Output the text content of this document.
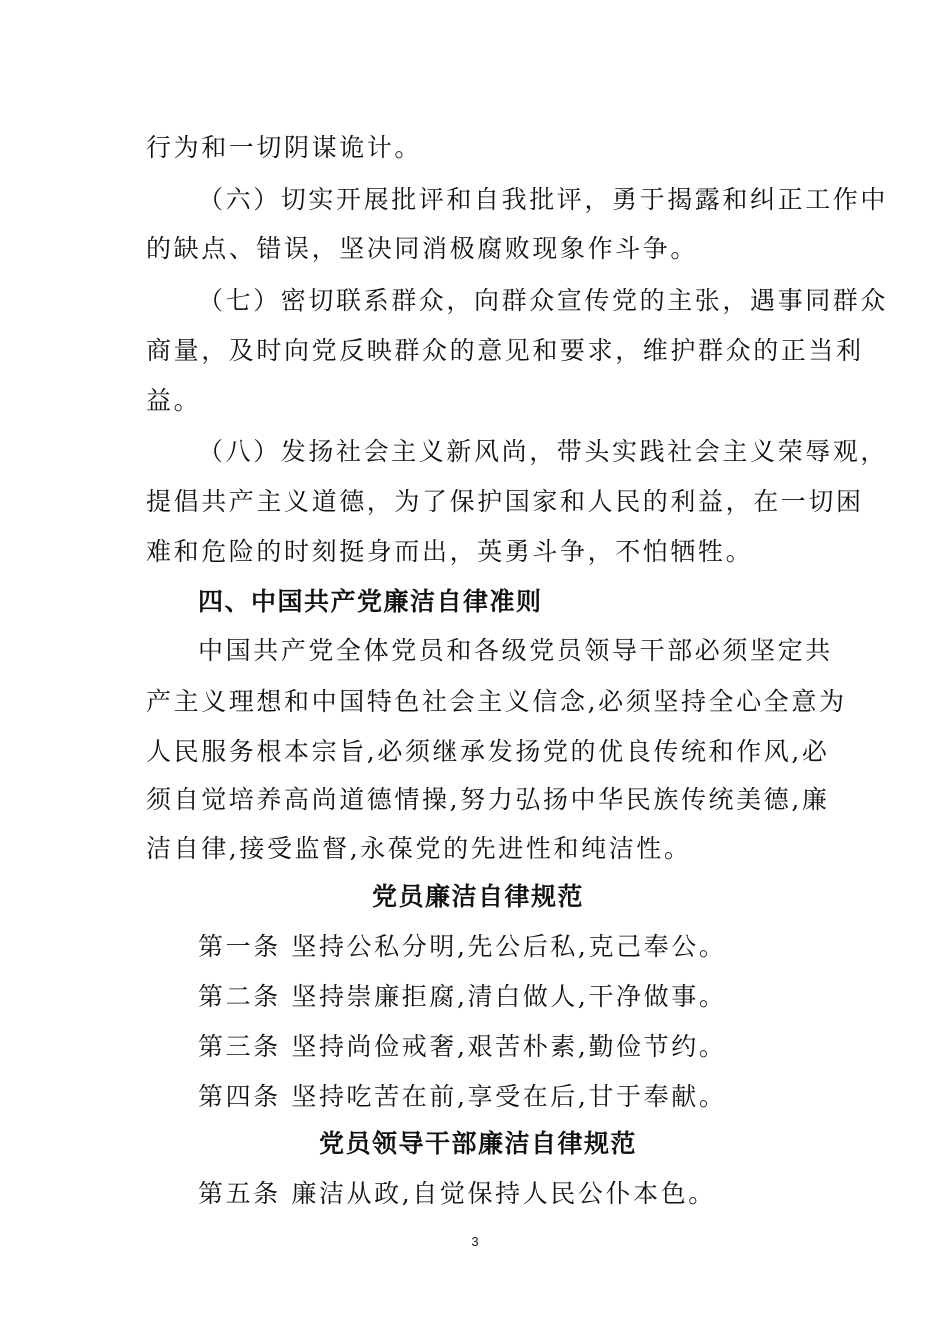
行为和一切阴谋诡计。
（六）切实开展批评和自我批评，勇于揭露和纠正工作中
的缺点、错误，坚决同消极腐败现象作斗争。
（七）密切联系群众，向群众宣传党的主张，遇事同群众
商量，及时向党反映群众的意见和要求，维护群众的正当利
益。
（八）发扬社会主义新风尚，带头实践社会主义荣辱观，
提倡共产主义道德，为了保护国家和人民的利益，在一切困
难和危险的时刻挺身而出，英勇斗争，不怕牺牲。
四、中国共产党廉洁自律准则
中国共产党全体党员和各级党员领导干部必须坚定共
产主义理想和中国特色社会主义信念,必须坚持全心全意为
人民服务根本宗旨,必须继承发扬党的优良传统和作风,必
须自觉培养高尚道德情操,努力弘扬中华民族传统美德,廉
洁自律,接受监督,永葆党的先进性和纯洁性。
党员廉洁自律规范
第一条 坚持公私分明,先公后私,克己奉公。
第二条 坚持崇廉拒腐,清白做人,干净做事。
第三条 坚持尚俭戒奢,艰苦朴素,勤俭节约。
第四条 坚持吃苦在前,享受在后,甘于奉献。
党员领导干部廉洁自律规范
第五条 廉洁从政,自觉保持人民公仆本色。
3
